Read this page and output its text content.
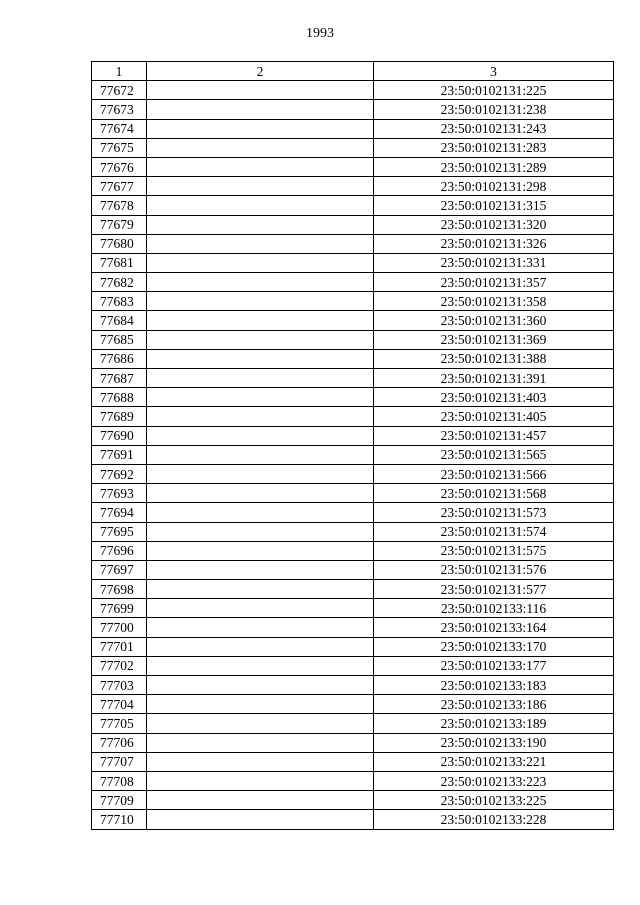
1993
1	2	3
77672		23:50:0102131:225
77673		23:50:0102131:238
77674		23:50:0102131:243
77675		23:50:0102131:283
77676		23:50:0102131:289
77677		23:50:0102131:298
77678		23:50:0102131:315
77679		23:50:0102131:320
77680		23:50:0102131:326
77681		23:50:0102131:331
77682		23:50:0102131:357
77683		23:50:0102131:358
77684		23:50:0102131:360
77685		23:50:0102131:369
77686		23:50:0102131:388
77687		23:50:0102131:391
77688		23:50:0102131:403
77689		23:50:0102131:405
77690		23:50:0102131:457
77691		23:50:0102131:565
77692		23:50:0102131:566
77693		23:50:0102131:568
77694		23:50:0102131:573
77695		23:50:0102131:574
77696		23:50:0102131:575
77697		23:50:0102131:576
77698		23:50:0102131:577
77699		23:50:0102133:116
77700		23:50:0102133:164
77701		23:50:0102133:170
77702		23:50:0102133:177
77703		23:50:0102133:183
77704		23:50:0102133:186
77705		23:50:0102133:189
77706		23:50:0102133:190
77707		23:50:0102133:221
77708		23:50:0102133:223
77709		23:50:0102133:225
77710		23:50:0102133:228
